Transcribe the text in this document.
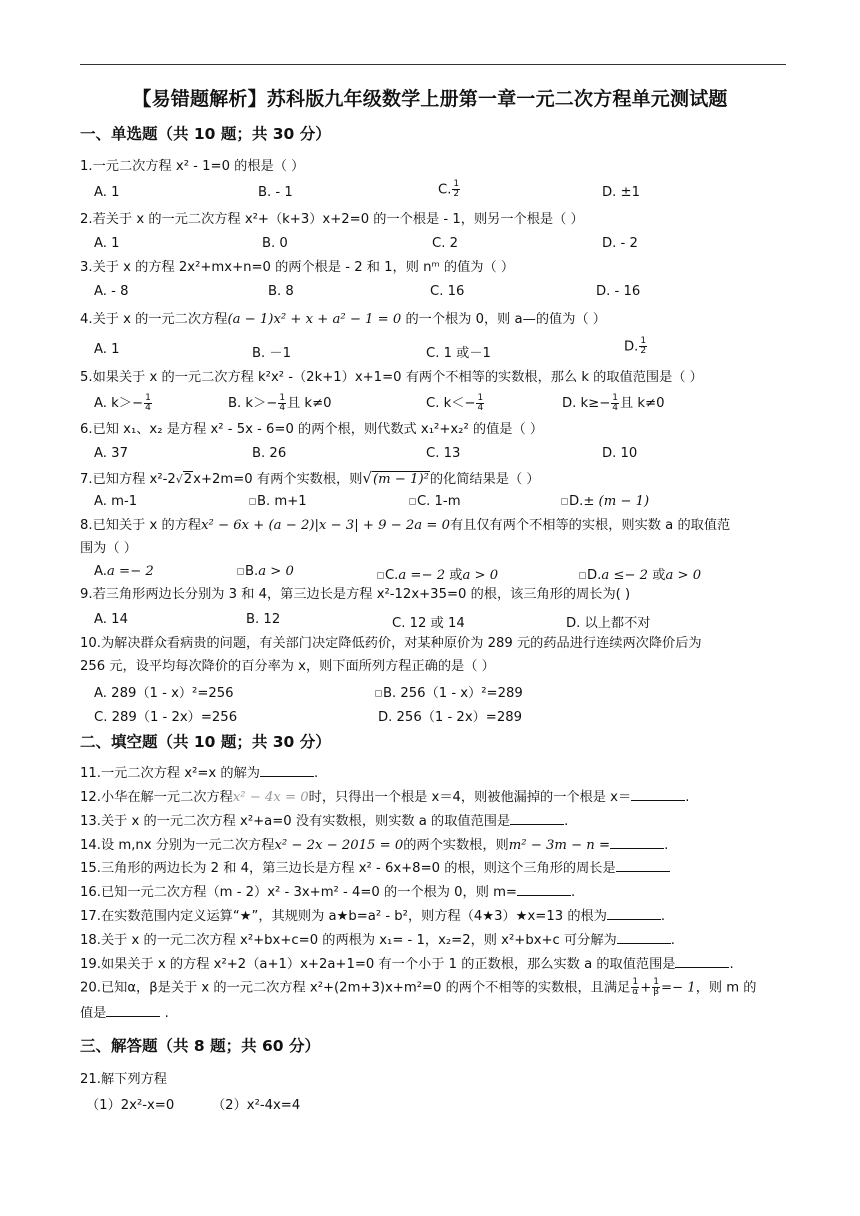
【易错题解析】苏科版九年级数学上册第一章一元二次方程单元测试题
一、单选题（共 10 题；共 30 分）
1.一元二次方程 x² - 1=0 的根是（ ）
A. 1	B. - 1	C. $\frac{1}{2}$	D. ±1
2.若关于 x 的一元二次方程 x²+（k+3）x+2=0 的一个根是 - 1，则另一个根是（ ）
A. 1	B. 0	C. 2	D. - 2
3.关于 x 的方程 2x²+mx+n=0 的两个根是 - 2 和 1，则 nᵐ 的值为（ ）
A. - 8	B. 8	C. 16	D. - 16
4.关于 x 的一元二次方程(a − 1)x² + x + a² − 1 = 0 的一个根为 0，则 a—的值为（ ）
A. 1	B. －1	C. 1 或－1	D. $\frac{1}{2}$
5.如果关于 x 的一元二次方程 k²x² -（2k+1）x+1=0 有两个不相等的实数根，那么 k 的取值范围是（ ）
A. $k>- \frac{1}{4}$	B. $k>- \frac{1}{4}$ 且 k≠0	C. $k<- \frac{1}{4}$	D. $k\ge- \frac{1}{4}$ 且 k≠0
6.已知 x₁、x₂ 是方程 x² - 5x - 6=0 的两个根，则代数式 x₁²+x₂² 的值是（ ）
A. 37	B. 26	C. 13	D. 10
7.已知方程 x²-2√2x+2m=0 有两个实数根，则√(m − 1)²的化简结果是（ ）
A. m-1	▫B. m+1	▫C. 1-m	▫D.± (m − 1)
8.已知关于 x 的方程x² − 6x + (a − 2)|x − 3| + 9 − 2a = 0有且仅有两个不相等的实根，则实数 a 的取值范
围为（ ）
A.a =− 2	▫B.a > 0	▫C.a =− 2 或a > 0	▫D.a ≤− 2 或a > 0
9.若三角形两边长分别为 3 和 4，第三边长是方程 x²-12x+35=0 的根，该三角形的周长为( )
A. 14	B. 12	C. 12 或 14	D. 以上都不对
10.为解决群众看病贵的问题，有关部门决定降低药价，对某种原价为 289 元的药品进行连续两次降价后为
256 元，设平均每次降价的百分率为 x，则下面所列方程正确的是（ ）
A. 289（1 - x）²=256	▫B. 256（1 - x）²=289
C. 289（1 - 2x）=256	D. 256（1 - 2x）=289
二、填空题（共 10 题；共 30 分）
11.一元二次方程 x²=x 的解为	.
12.小华在解一元二次方程x² − 4x = 0时，只得出一个根是 x＝4，则被他漏掉的一个根是 x＝	.
13.关于 x 的一元二次方程 x²+a=0 没有实数根，则实数 a 的取值范围是	.
14.设 m,nx 分别为一元二次方程x² − 2x − 2015 = 0的两个实数根，则m² − 3m − n =	.
15.三角形的两边长为 2 和 4，第三边长是方程 x² - 6x+8=0 的根，则这个三角形的周长是
16.已知一元二次方程（m - 2）x² - 3x+m² - 4=0 的一个根为 0，则 m=	.
17.在实数范围内定义运算“★”，其规则为 a★b=a² - b²，则方程（4★3）★x=13 的根为	.
18.关于 x 的一元二次方程 x²+bx+c=0 的两根为 x₁= - 1，x₂=2，则 x²+bx+c 可分解为	.
19.如果关于 x 的方程 x²+2（a+1）x+2a+1=0 有一个小于 1 的正数根，那么实数 a 的取值范围是	.
20.已知α，β是关于 x 的一元二次方程 x²+(2m+3)x+m²=0 的两个不相等的实数根，且满足 $\frac{1}{\alpha} + \frac{1}{\beta} =- 1$，则 m 的
值是	.
三、解答题（共 8 题；共 60 分）
21.解下列方程
（1）2x²-x=0	（2）x²-4x=4
